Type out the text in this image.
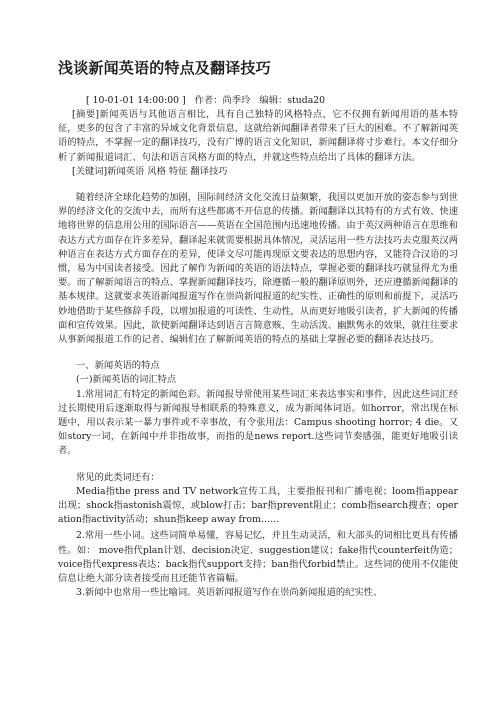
浅谈新闻英语的特点及翻译技巧
[ 10-01-01 14:00:00 ] 作者：尚季玲 编辑：studa20

[摘要]新闻英语与其他语言相比，具有自己独特的风格特点，它不仅拥有新闻用语的基本特征，更多的包含了丰富的异域文化背景信息，这就给新闻翻译者带来了巨大的困难。不了解新闻英语的特点，不掌握一定的翻译技巧，没有广博的语言文化知识，新闻翻译将寸步难行。本文仔细分析了新闻报道词汇、句法和语言风格方面的特点，并就这些特点给出了具体的翻译方法。

[关键词]新闻英语 风格 特征 翻译技巧

随着经济全球化趋势的加剧，国际间经济文化交流日益频繁，我国以更加开放的姿态参与到世界的经济文化的交流中去，而所有这些都离不开信息的传播。新闻翻译以其特有的方式有效、快速地将世界的信息用公用的国际语言——英语在全国范围内迅速地传播。由于英汉两种语言在思维和表达方式方面存在许多差异，翻译起来就需要根据具体情况，灵活运用一些方法技巧去克服英汉两种语言在表达方式方面存在的差异，使译文尽可能再现原文要表达的思想内容，又能符合汉语的习惯，易为中国读者接受。因此了解作为新闻的英语的语法特点，掌握必要的翻译技巧就显得尤为重要。而了解新闻语言的特点、掌握新闻翻译技巧，除遵循一般的翻译原则外，还应遵循新闻翻译的基本规律。这就要求英语新闻报道写作在崇尚新闻报道的纪实性、正确性的原则和前提下，灵活巧妙地借助于某些修辞手段，以增加报道的可读性、生动性，从而更好地吸引读者，扩大新闻的传播面和宣传效果。因此，欲使新闻翻译达到语言言简意赅、生动活泼、幽默隽永的效果，就往往要求从事新闻报道工作的记者、编辑们在了解新闻英语的特点的基础上掌握必要的翻译表达技巧。

一、新闻英语的特点

(一)新闻英语的词汇特点

1.常用词汇有特定的新闻色彩。新闻报导常使用某些词汇来表达事实和事件，因此这些词汇经过长期使用后逐渐取得与新闻报导相联系的特殊意义，成为新闻体词语。如horror，常出现在标题中，用以表示某一暴力事件或不幸事故，有令张用法：Campus shooting horror; 4 die。又如story一词，在新闻中并非指故事，而指的是news report.这些词节奏感强，能更好地吸引读者。

常见的此类词还有：

Media指the press and TV network宣传工具，主要指报刊和广播电视；loom指appear出现；shock指astonish震惊，或blow打击；bar指prevent阻止；comb指search搜查；operation指activity活动；shun指keep away from……

2.常用一些小词。这些词简单易懂，容易记忆，并且生动灵活，和大部头的词相比更具有传播性。如： move指代plan计划、decision决定、suggestion建议；fake指代counterfeit伪造；voice指代express表达；back指代support支持；ban指代forbid禁止。这些词的使用不仅能使信息让绝大部分读者接受而且还能节省篇幅。

3.新闻中也常用一些比喻词。英语新闻报道写作在崇尚新闻报道的纪实性、
